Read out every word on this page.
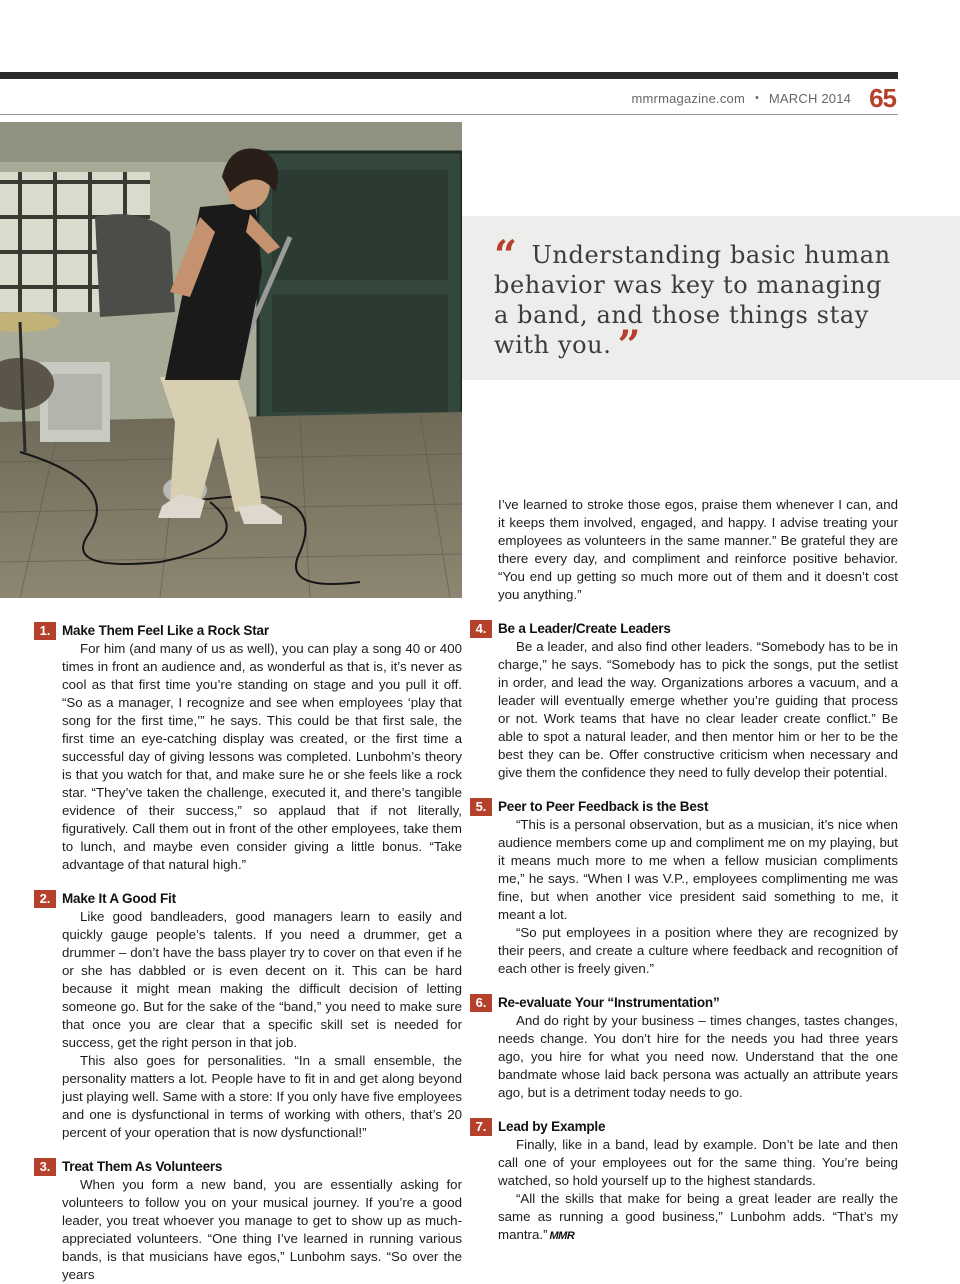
mmrmagazine.com • MARCH 2014 65
“ Understanding basic human behavior was key to managing a band, and those things stay with you. ”
1. Make Them Feel Like a Rock Star

For him (and many of us as well), you can play a song 40 or 400 times in front an audience and, as wonderful as that is, it’s never as cool as that first time you’re standing on stage and you pull it off. “So as a manager, I recognize and see when employees ‘play that song for the first time,’” he says. This could be that first sale, the first time an eye-catching display was created, or the first time a successful day of giving lessons was completed. Lunbohm’s theory is that you watch for that, and make sure he or she feels like a rock star. “They’ve taken the challenge, executed it, and there’s tangible evidence of their success,” so applaud that if not literally, figuratively. Call them out in front of the other employees, take them to lunch, and maybe even consider giving a little bonus. “Take advantage of that natural high.”

2. Make It A Good Fit

Like good bandleaders, good managers learn to easily and quickly gauge people’s talents. If you need a drummer, get a drummer – don’t have the bass player try to cover on that even if he or she has dabbled or is even decent on it. This can be hard because it might mean making the difficult decision of letting someone go. But for the sake of the “band,” you need to make sure that once you are clear that a specific skill set is needed for success, get the right person in that job.

This also goes for personalities. “In a small ensemble, the personality matters a lot. People have to fit in and get along beyond just playing well. Same with a store: If you only have five employees and one is dysfunctional in terms of working with others, that’s 20 percent of your operation that is now dysfunctional!”

3. Treat Them As Volunteers

When you form a new band, you are essentially asking for volunteers to follow you on your musical journey. If you’re a good leader, you treat whoever you manage to get to show up as much-appreciated volunteers. “One thing I’ve learned in running various bands, is that musicians have egos,” Lunbohm says. “So over the years

I’ve learned to stroke those egos, praise them whenever I can, and it keeps them involved, engaged, and happy. I advise treating your employees as volunteers in the same manner.” Be grateful they are there every day, and compliment and reinforce positive behavior. “You end up getting so much more out of them and it doesn’t cost you anything.”

4. Be a Leader/Create Leaders

Be a leader, and also find other leaders. “Somebody has to be in charge,” he says. “Somebody has to pick the songs, put the setlist in order, and lead the way. Organizations arbores a vacuum, and a leader will eventually emerge whether you’re guiding that process or not. Work teams that have no clear leader create conflict.” Be able to spot a natural leader, and then mentor him or her to be the best they can be. Offer constructive criticism when necessary and give them the confidence they need to fully develop their potential.

5. Peer to Peer Feedback is the Best

“This is a personal observation, but as a musician, it’s nice when audience members come up and compliment me on my playing, but it means much more to me when a fellow musician compliments me,” he says. “When I was V.P., employees complimenting me was fine, but when another vice president said something to me, it meant a lot.

“So put employees in a position where they are recognized by their peers, and create a culture where feedback and recognition of each other is freely given.”

6. Re-evaluate Your “Instrumentation”

And do right by your business – times changes, tastes changes, needs change. You don’t hire for the needs you had three years ago, you hire for what you need now. Understand that the one bandmate whose laid back persona was actually an attribute years ago, but is a detriment today needs to go.

7. Lead by Example

Finally, like in a band, lead by example. Don’t be late and then call one of your employees out for the same thing. You’re being watched, so hold yourself up to the highest standards.

“All the skills that make for being a great leader are really the same as running a good business,” Lunbohm adds. “That’s my mantra.” MMR
